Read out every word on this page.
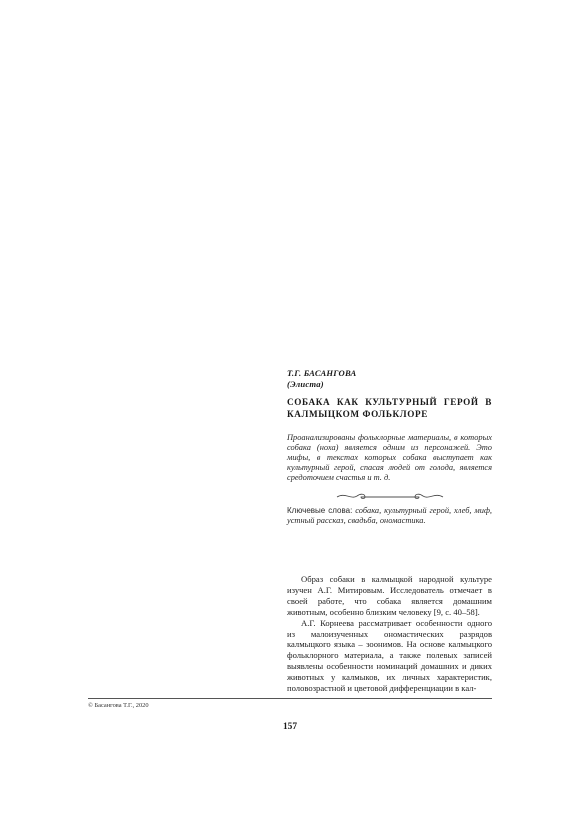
Т.Г. БАСАНГОВА
(Элиста)
СОБАКА КАК КУЛЬТУРНЫЙ ГЕРОЙ В КАЛМЫЦКОМ ФОЛЬКЛОРЕ
Проанализированы фольклорные материалы, в которых собака (ноха) является одним из персонажей. Это мифы, в текстах которых собака выступает как культурный герой, спасая людей от голода, является средоточием счастья и т. д.
Ключевые слова: собака, культурный герой, хлеб, миф, устный рассказ, свадьба, ономастика.

Образ собаки в калмыцкой народной культуре изучен А.Г. Митировым. Исследователь отмечает в своей работе, что собака является домашним животным, особенно близким человеку [9, с. 40–58].

А.Г. Корнеева рассматривает особенности одного из малоизученных ономастических разрядов калмыцкого языка – зоонимов. На основе калмыцкого фольклорного материала, а также полевых записей выявлены особенности номинаций домашних и диких животных у калмыков, их личных характеристик, половозрастной и цветовой дифференциации в кал-

© Басангова Т.Г., 2020
157
